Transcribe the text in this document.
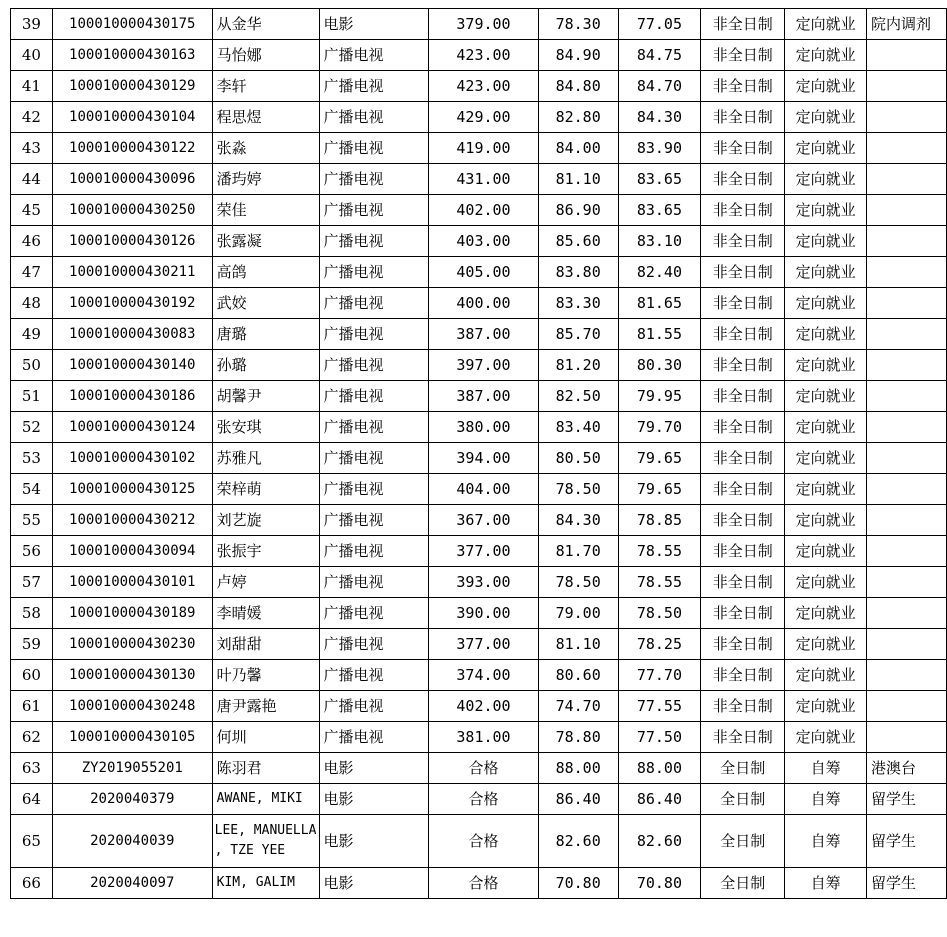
39	100010000430175	从金华	电影	379.00	78.30	77.05	非全日制	定向就业	院内调剂
40	100010000430163	马怡娜	广播电视	423.00	84.90	84.75	非全日制	定向就业	
41	100010000430129	李轩	广播电视	423.00	84.80	84.70	非全日制	定向就业	
42	100010000430104	程思煜	广播电视	429.00	82.80	84.30	非全日制	定向就业	
43	100010000430122	张淼	广播电视	419.00	84.00	83.90	非全日制	定向就业	
44	100010000430096	潘玙婷	广播电视	431.00	81.10	83.65	非全日制	定向就业	
45	100010000430250	荣佳	广播电视	402.00	86.90	83.65	非全日制	定向就业	
46	100010000430126	张露凝	广播电视	403.00	85.60	83.10	非全日制	定向就业	
47	100010000430211	高鸽	广播电视	405.00	83.80	82.40	非全日制	定向就业	
48	100010000430192	武姣	广播电视	400.00	83.30	81.65	非全日制	定向就业	
49	100010000430083	唐璐	广播电视	387.00	85.70	81.55	非全日制	定向就业	
50	100010000430140	孙璐	广播电视	397.00	81.20	80.30	非全日制	定向就业	
51	100010000430186	胡馨尹	广播电视	387.00	82.50	79.95	非全日制	定向就业	
52	100010000430124	张安琪	广播电视	380.00	83.40	79.70	非全日制	定向就业	
53	100010000430102	苏雅凡	广播电视	394.00	80.50	79.65	非全日制	定向就业	
54	100010000430125	荣梓萌	广播电视	404.00	78.50	79.65	非全日制	定向就业	
55	100010000430212	刘艺旋	广播电视	367.00	84.30	78.85	非全日制	定向就业	
56	100010000430094	张振宇	广播电视	377.00	81.70	78.55	非全日制	定向就业	
57	100010000430101	卢婷	广播电视	393.00	78.50	78.55	非全日制	定向就业	
58	100010000430189	李晴媛	广播电视	390.00	79.00	78.50	非全日制	定向就业	
59	100010000430230	刘甜甜	广播电视	377.00	81.10	78.25	非全日制	定向就业	
60	100010000430130	叶乃馨	广播电视	374.00	80.60	77.70	非全日制	定向就业	
61	100010000430248	唐尹露艳	广播电视	402.00	74.70	77.55	非全日制	定向就业	
62	100010000430105	何圳	广播电视	381.00	78.80	77.50	非全日制	定向就业	
63	ZY2019055201	陈羽君	电影	合格	88.00	88.00	全日制	自筹	港澳台
64	2020040379	AWANE, MIKI	电影	合格	86.40	86.40	全日制	自筹	留学生
65	2020040039	LEE, MANUELLA , TZE YEE	电影	合格	82.60	82.60	全日制	自筹	留学生
66	2020040097	KIM, GALIM	电影	合格	70.80	70.80	全日制	自筹	留学生
